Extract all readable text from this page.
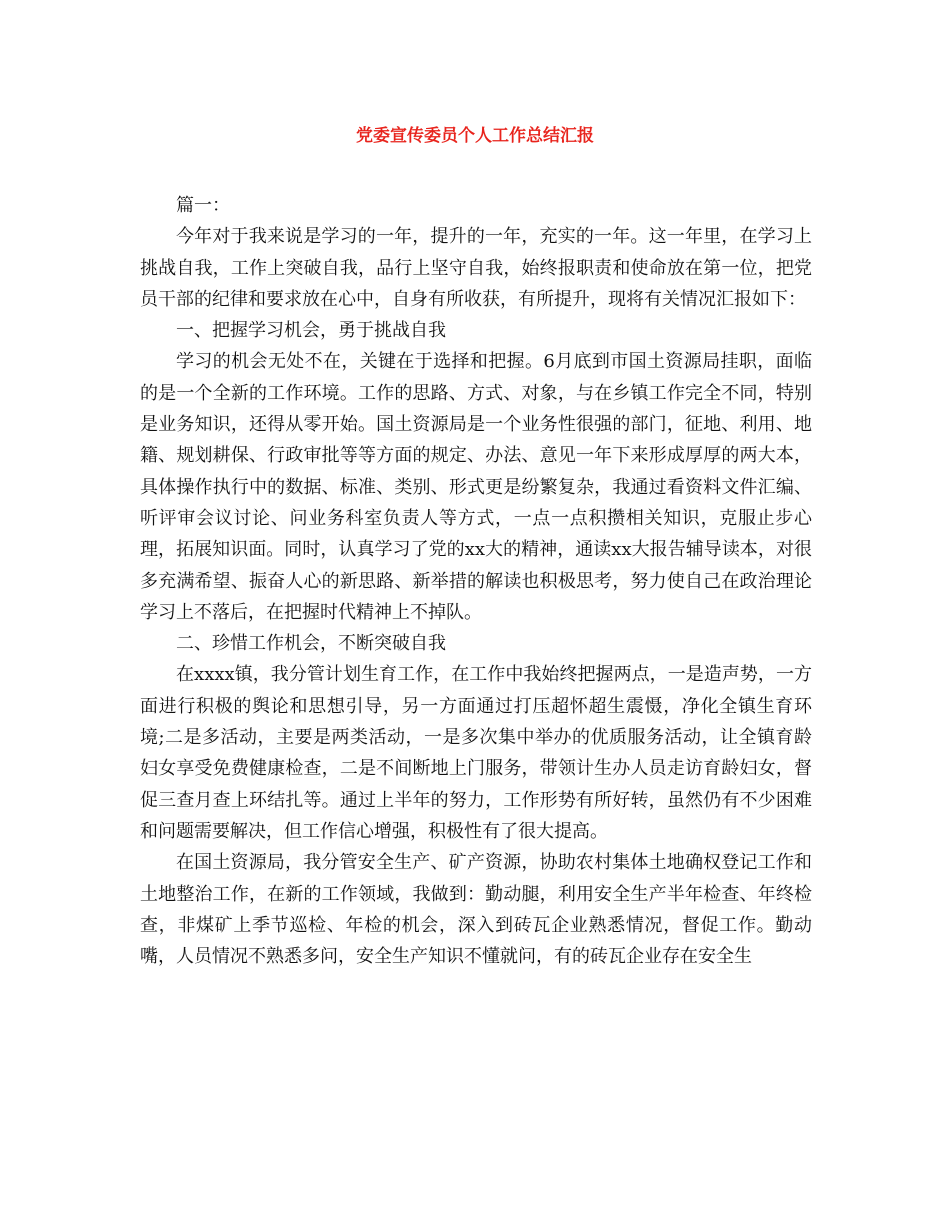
党委宣传委员个人工作总结汇报

篇一：

今年对于我来说是学习的一年，提升的一年，充实的一年。这一年里，在学习上挑战自我，工作上突破自我，品行上坚守自我，始终报职责和使命放在第一位，把党员干部的纪律和要求放在心中，自身有所收获，有所提升，现将有关情况汇报如下：

一、把握学习机会，勇于挑战自我

学习的机会无处不在，关键在于选择和把握。6月底到市国土资源局挂职，面临的是一个全新的工作环境。工作的思路、方式、对象，与在乡镇工作完全不同，特别是业务知识，还得从零开始。国土资源局是一个业务性很强的部门，征地、利用、地籍、规划耕保、行政审批等等方面的规定、办法、意见一年下来形成厚厚的两大本，具体操作执行中的数据、标准、类别、形式更是纷繁复杂，我通过看资料文件汇编、听评审会议讨论、问业务科室负责人等方式，一点一点积攒相关知识，克服止步心理，拓展知识面。同时，认真学习了党的xx大的精神，通读xx大报告辅导读本，对很多充满希望、振奋人心的新思路、新举措的解读也积极思考，努力使自己在政治理论学习上不落后，在把握时代精神上不掉队。

二、珍惜工作机会，不断突破自我

在xxxx镇，我分管计划生育工作，在工作中我始终把握两点，一是造声势，一方面进行积极的舆论和思想引导，另一方面通过打压超怀超生震慑，净化全镇生育环境;二是多活动，主要是两类活动，一是多次集中举办的优质服务活动，让全镇育龄妇女享受免费健康检查，二是不间断地上门服务，带领计生办人员走访育龄妇女，督促三查月查上环结扎等。通过上半年的努力，工作形势有所好转，虽然仍有不少困难和问题需要解决，但工作信心增强，积极性有了很大提高。

在国土资源局，我分管安全生产、矿产资源，协助农村集体土地确权登记工作和土地整治工作，在新的工作领域，我做到：勤动腿，利用安全生产半年检查、年终检查，非煤矿上季节巡检、年检的机会，深入到砖瓦企业熟悉情况，督促工作。勤动嘴，人员情况不熟悉多问，安全生产知识不懂就问，有的砖瓦企业存在安全生
